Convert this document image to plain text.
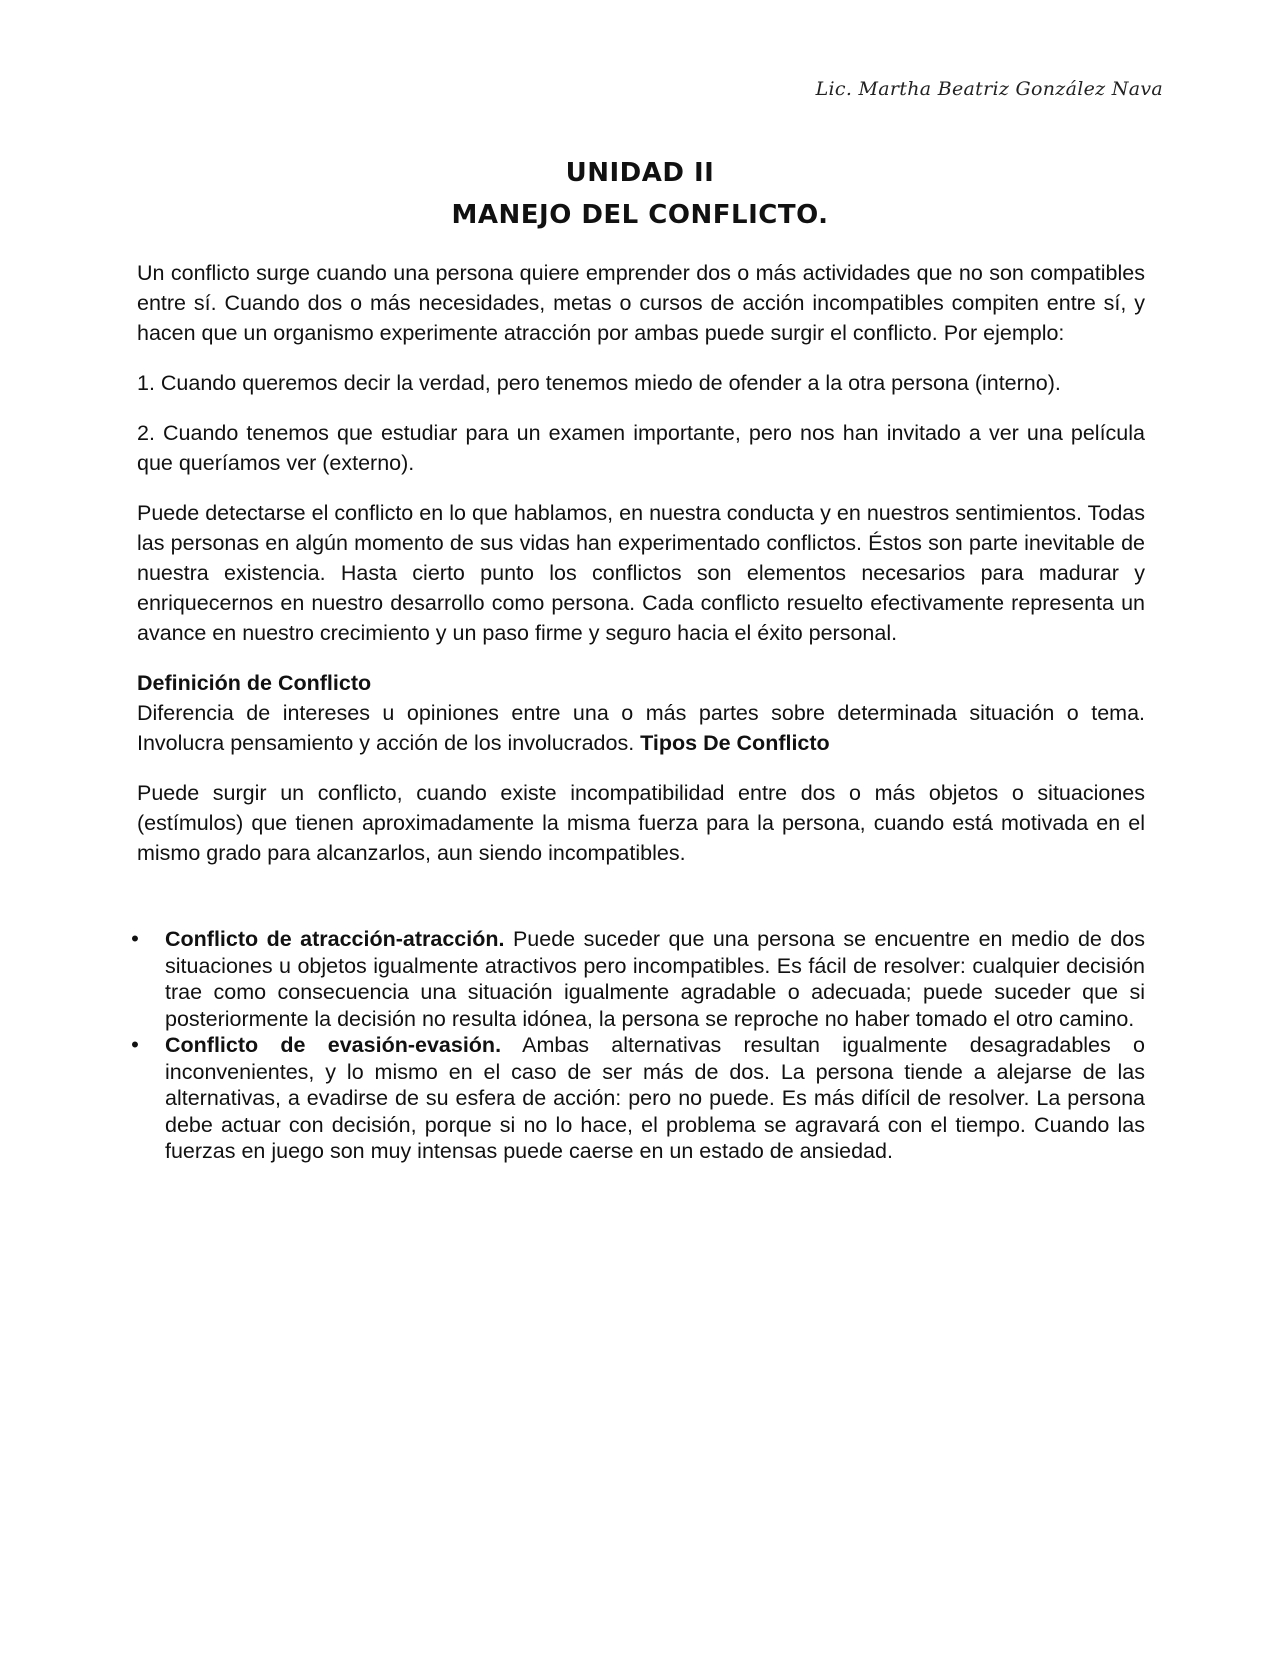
Lic. Martha Beatriz González Nava
UNIDAD II
MANEJO DEL CONFLICTO.

Un conflicto surge cuando una persona quiere emprender dos o más actividades que no son compatibles entre sí. Cuando dos o más necesidades, metas o cursos de acción incompatibles compiten entre sí, y hacen que un organismo experimente atracción por ambas puede surgir el conflicto. Por ejemplo:

1. Cuando queremos decir la verdad, pero tenemos miedo de ofender a la otra persona (interno).

2. Cuando tenemos que estudiar para un examen importante, pero nos han invitado a ver una película que queríamos ver (externo).

Puede detectarse el conflicto en lo que hablamos, en nuestra conducta y en nuestros sentimientos. Todas las personas en algún momento de sus vidas han experimentado conflictos. Éstos son parte inevitable de nuestra existencia. Hasta cierto punto los conflictos son elementos necesarios para madurar y enriquecernos en nuestro desarrollo como persona. Cada conflicto resuelto efectivamente representa un avance en nuestro crecimiento y un paso firme y seguro hacia el éxito personal.

Definición de Conflicto

Diferencia de intereses u opiniones entre una o más partes sobre determinada situación o tema. Involucra pensamiento y acción de los involucrados. Tipos De Conflicto

Puede surgir un conflicto, cuando existe incompatibilidad entre dos o más objetos o situaciones (estímulos) que tienen aproximadamente la misma fuerza para la persona, cuando está motivada en el mismo grado para alcanzarlos, aun siendo incompatibles.

• Conflicto de atracción-atracción. Puede suceder que una persona se encuentre en medio de dos situaciones u objetos igualmente atractivos pero incompatibles. Es fácil de resolver: cualquier decisión trae como consecuencia una situación igualmente agradable o adecuada; puede suceder que si posteriormente la decisión no resulta idónea, la persona se reproche no haber tomado el otro camino.
• Conflicto de evasión-evasión. Ambas alternativas resultan igualmente desagradables o inconvenientes, y lo mismo en el caso de ser más de dos. La persona tiende a alejarse de las alternativas, a evadirse de su esfera de acción: pero no puede. Es más difícil de resolver. La persona debe actuar con decisión, porque si no lo hace, el problema se agravará con el tiempo. Cuando las fuerzas en juego son muy intensas puede caerse en un estado de ansiedad.
